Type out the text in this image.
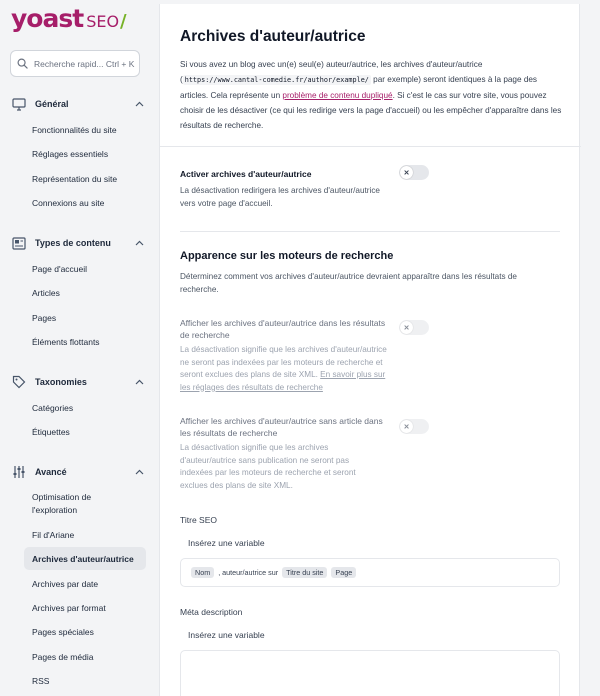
yoast SEO /
Recherche rapid... Ctrl + K
Général
Fonctionnalités du site
Réglages essentiels
Représentation du site
Connexions au site
Types de contenu
Page d'accueil
Articles
Pages
Éléments flottants
Taxonomies
Catégories
Étiquettes
Avancé
Optimisation de l'exploration
Fil d'Ariane
Archives d'auteur/autrice
Archives par date
Archives par format
Pages spéciales
Pages de média
RSS
Archives d'auteur/autrice

Si vous avez un blog avec un(e) seul(e) auteur/autrice, les archives d'auteur/autrice ( https://www.cantal-comedie.fr/author/example/ par exemple) seront identiques à la page des articles. Cela représente un problème de contenu dupliqué. Si c'est le cas sur votre site, vous pouvez choisir de les désactiver (ce qui les redirige vers la page d'accueil) ou les empêcher d'apparaître dans les résultats de recherche.

Activer archives d'auteur/autrice
La désactivation redirigera les archives d'auteur/autrice vers votre page d'accueil.
✕
Apparence sur les moteurs de recherche
Déterminez comment vos archives d'auteur/autrice devraient apparaître dans les résultats de recherche.
Afficher les archives d'auteur/autrice dans les résultats de recherche
La désactivation signifie que les archives d'auteur/autrice ne seront pas indexées par les moteurs de recherche et seront exclues des plans de site XML. En savoir plus sur les réglages des résultats de recherche
✕
Afficher les archives d'auteur/autrice sans article dans les résultats de recherche
La désactivation signifie que les archives d'auteur/autrice sans publication ne seront pas indexées par les moteurs de recherche et seront exclues des plans de site XML.
✕
Titre SEO
Insérez une variable
Nom	, auteur/autrice sur	Titre du site	Page
Méta description
Insérez une variable
